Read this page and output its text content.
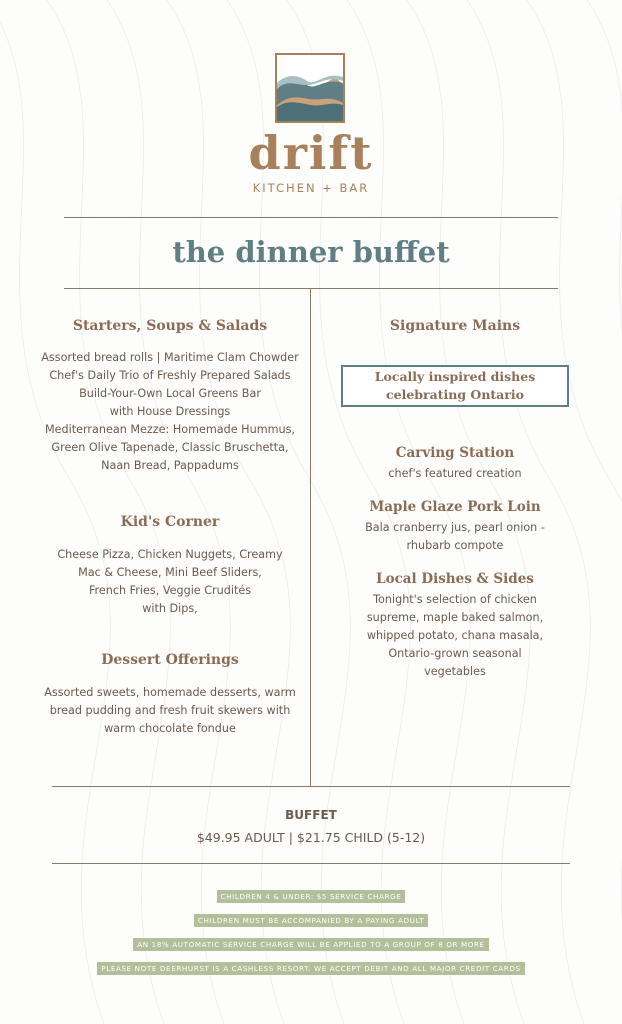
drift
KITCHEN + BAR
the dinner buffet
Starters, Soups & Salads
Assorted bread rolls | Maritime Clam Chowder
Chef's Daily Trio of Freshly Prepared Salads
Build-Your-Own Local Greens Bar
with House Dressings
Mediterranean Mezze: Homemade Hummus,
Green Olive Tapenade, Classic Bruschetta,
Naan Bread, Pappadums
Kid's Corner
Cheese Pizza, Chicken Nuggets, Creamy
Mac & Cheese, Mini Beef Sliders,
French Fries, Veggie Crudités
with Dips,
Dessert Offerings
Assorted sweets, homemade desserts, warm
bread pudding and fresh fruit skewers with
warm chocolate fondue
Signature Mains
Locally inspired dishes
celebrating Ontario
Carving Station
chef's featured creation
Maple Glaze Pork Loin
Bala cranberry jus, pearl onion -
rhubarb compote
Local Dishes & Sides
Tonight's selection of chicken
supreme, maple baked salmon,
whipped potato, chana masala,
Ontario-grown seasonal
vegetables
BUFFET
$49.95 ADULT | $21.75 CHILD (5-12)
CHILDREN 4 & UNDER: $5 SERVICE CHARGE
CHILDREN MUST BE ACCOMPANIED BY A PAYING ADULT
AN 18% AUTOMATIC SERVICE CHARGE WILL BE APPLIED TO A GROUP OF 8 OR MORE
PLEASE NOTE DEERHURST IS A CASHLESS RESORT. WE ACCEPT DEBIT AND ALL MAJOR CREDIT CARDS
